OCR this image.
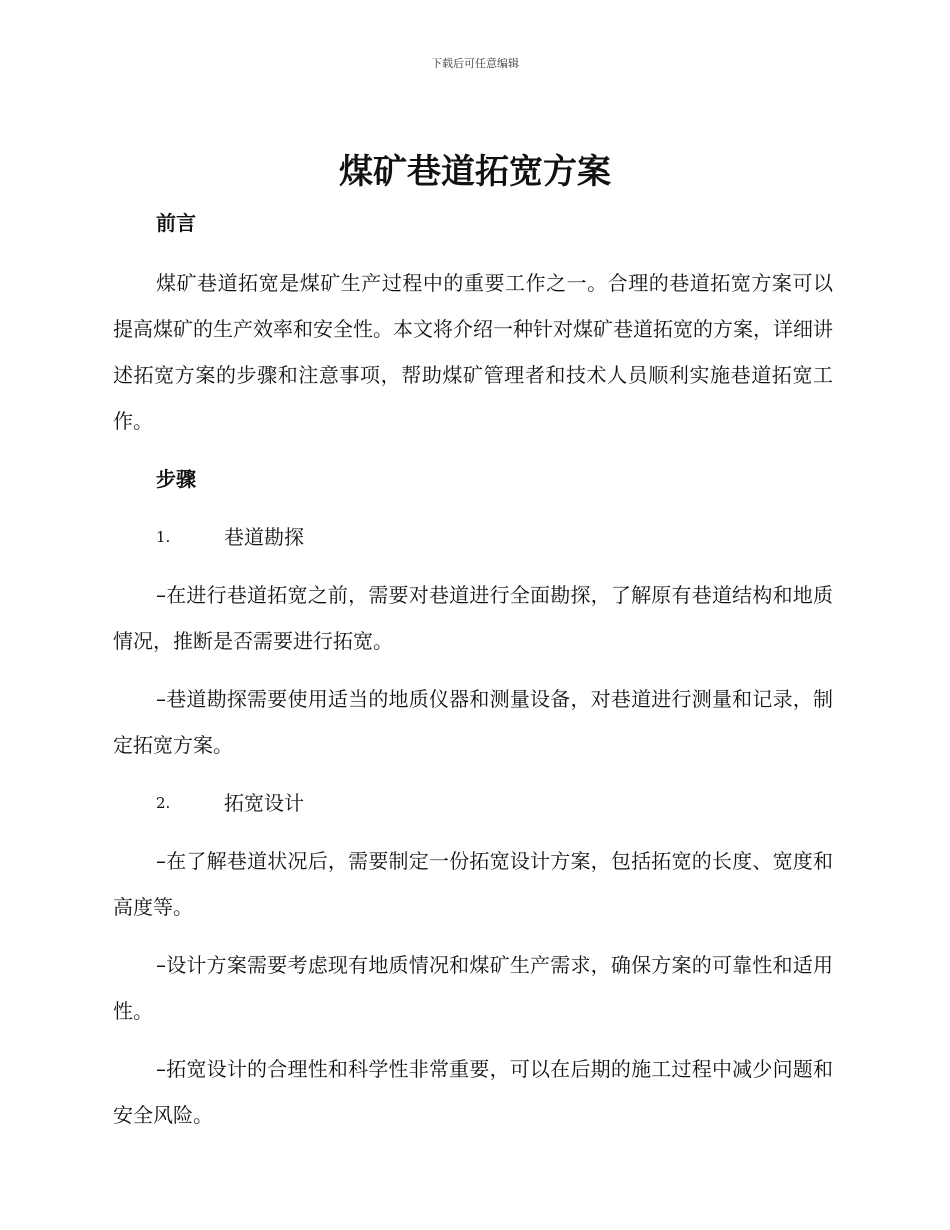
下载后可任意编辑
煤矿巷道拓宽方案

前言

煤矿巷道拓宽是煤矿生产过程中的重要工作之一。合理的巷道拓宽方案可以提高煤矿的生产效率和安全性。本文将介绍一种针对煤矿巷道拓宽的方案，详细讲述拓宽方案的步骤和注意事项，帮助煤矿管理者和技术人员顺利实施巷道拓宽工作。

步骤

1.	巷道勘探

–在进行巷道拓宽之前，需要对巷道进行全面勘探，了解原有巷道结构和地质情况，推断是否需要进行拓宽。

–巷道勘探需要使用适当的地质仪器和测量设备，对巷道进行测量和记录，制定拓宽方案。

2.	拓宽设计

–在了解巷道状况后，需要制定一份拓宽设计方案，包括拓宽的长度、宽度和高度等。

–设计方案需要考虑现有地质情况和煤矿生产需求，确保方案的可靠性和适用性。

–拓宽设计的合理性和科学性非常重要，可以在后期的施工过程中减少问题和安全风险。
